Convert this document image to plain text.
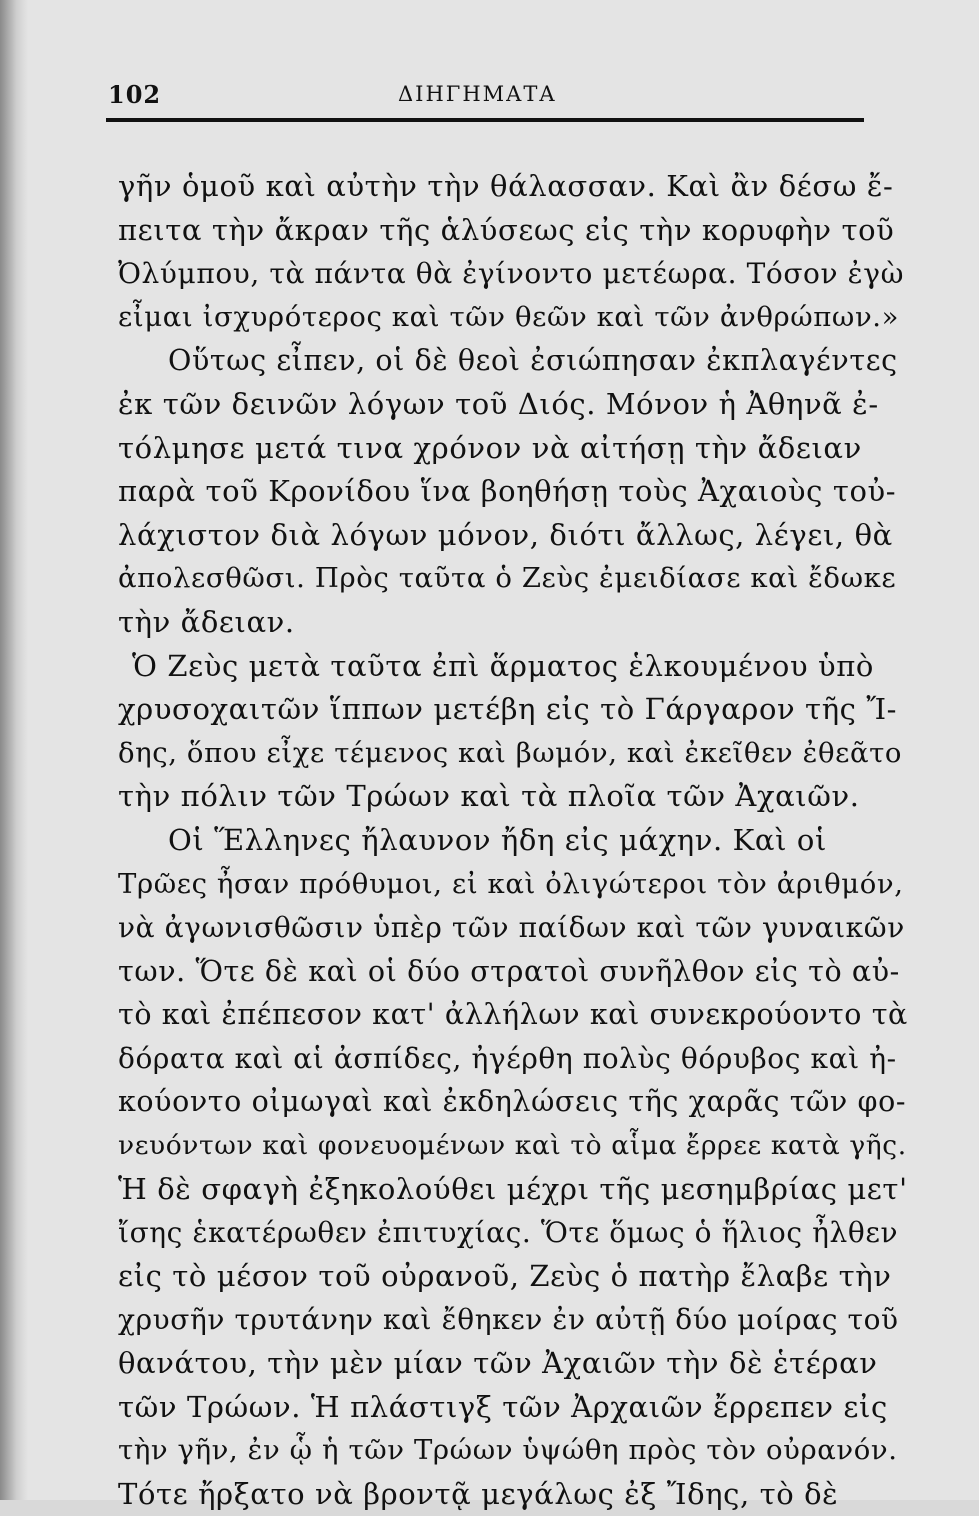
102	ΔΙΗΓΗΜΑΤΑ
γῆν ὁμοῦ καὶ αὐτὴν τὴν θάλασσαν. Καὶ ἂν δέσω ἔ-
πειτα τὴν ἄκραν τῆς ἁλύσεως εἰς τὴν κορυφὴν τοῦ
Ὀλύμπου, τὰ πάντα θὰ ἐγίνοντο μετέωρα. Τόσον ἐγὼ
εἶμαι ἰσχυρότερος καὶ τῶν θεῶν καὶ τῶν ἀνθρώπων.»
Οὕτως εἶπεν, οἱ δὲ θεοὶ ἐσιώπησαν ἐκπλαγέντες
ἐκ τῶν δεινῶν λόγων τοῦ Διός. Μόνον ἡ Ἀθηνᾶ ἐ-
τόλμησε μετά τινα χρόνον νὰ αἰτήσῃ τὴν ἄδειαν
παρὰ τοῦ Κρονίδου ἵνα βοηθήσῃ τοὺς Ἀχαιοὺς τοὐ-
λάχιστον διὰ λόγων μόνον, διότι ἄλλως, λέγει, θὰ
ἀπολεσθῶσι. Πρὸς ταῦτα ὁ Ζεὺς ἐμειδίασε καὶ ἔδωκε
τὴν ἄδειαν.
Ὁ Ζεὺς μετὰ ταῦτα ἐπὶ ἅρματος ἑλκουμένου ὑπὸ
χρυσοχαιτῶν ἵππων μετέβη εἰς τὸ Γάργαρον τῆς Ἴ-
δης, ὅπου εἶχε τέμενος καὶ βωμόν, καὶ ἐκεῖθεν ἐθεᾶτο
τὴν πόλιν τῶν Τρώων καὶ τὰ πλοῖα τῶν Ἀχαιῶν.
Οἱ Ἕλληνες ἤλαυνον ἤδη εἰς μάχην. Καὶ οἱ
Τρῶες ἦσαν πρόθυμοι, εἰ καὶ ὀλιγώτεροι τὸν ἀριθμόν,
νὰ ἀγωνισθῶσιν ὑπὲρ τῶν παίδων καὶ τῶν γυναικῶν
των. Ὅτε δὲ καὶ οἱ δύο στρατοὶ συνῆλθον εἰς τὸ αὐ-
τὸ καὶ ἐπέπεσον κατ' ἀλλήλων καὶ συνεκρούοντο τὰ
δόρατα καὶ αἱ ἀσπίδες, ἠγέρθη πολὺς θόρυβος καὶ ἠ-
κούοντο οἰμωγαὶ καὶ ἐκδηλώσεις τῆς χαρᾶς τῶν φο-
νευόντων καὶ φονευομένων καὶ τὸ αἷμα ἔρρεε κατὰ γῆς.
Ἡ δὲ σφαγὴ ἐξηκολούθει μέχρι τῆς μεσημβρίας μετ'
ἴσης ἑκατέρωθεν ἐπιτυχίας. Ὅτε ὅμως ὁ ἥλιος ἦλθεν
εἰς τὸ μέσον τοῦ οὐρανοῦ, Ζεὺς ὁ πατὴρ ἔλαβε τὴν
χρυσῆν τρυτάνην καὶ ἔθηκεν ἐν αὐτῇ δύο μοίρας τοῦ
θανάτου, τὴν μὲν μίαν τῶν Ἀχαιῶν τὴν δὲ ἑτέραν
τῶν Τρώων. Ἡ πλάστιγξ τῶν Ἀρχαιῶν ἔρρεπεν εἰς
τὴν γῆν, ἐν ᾧ ἡ τῶν Τρώων ὑψώθη πρὸς τὸν οὐρανόν.
Τότε ἤρξατο νὰ βροντᾷ μεγάλως ἐξ Ἴδης, τὸ δὲ
